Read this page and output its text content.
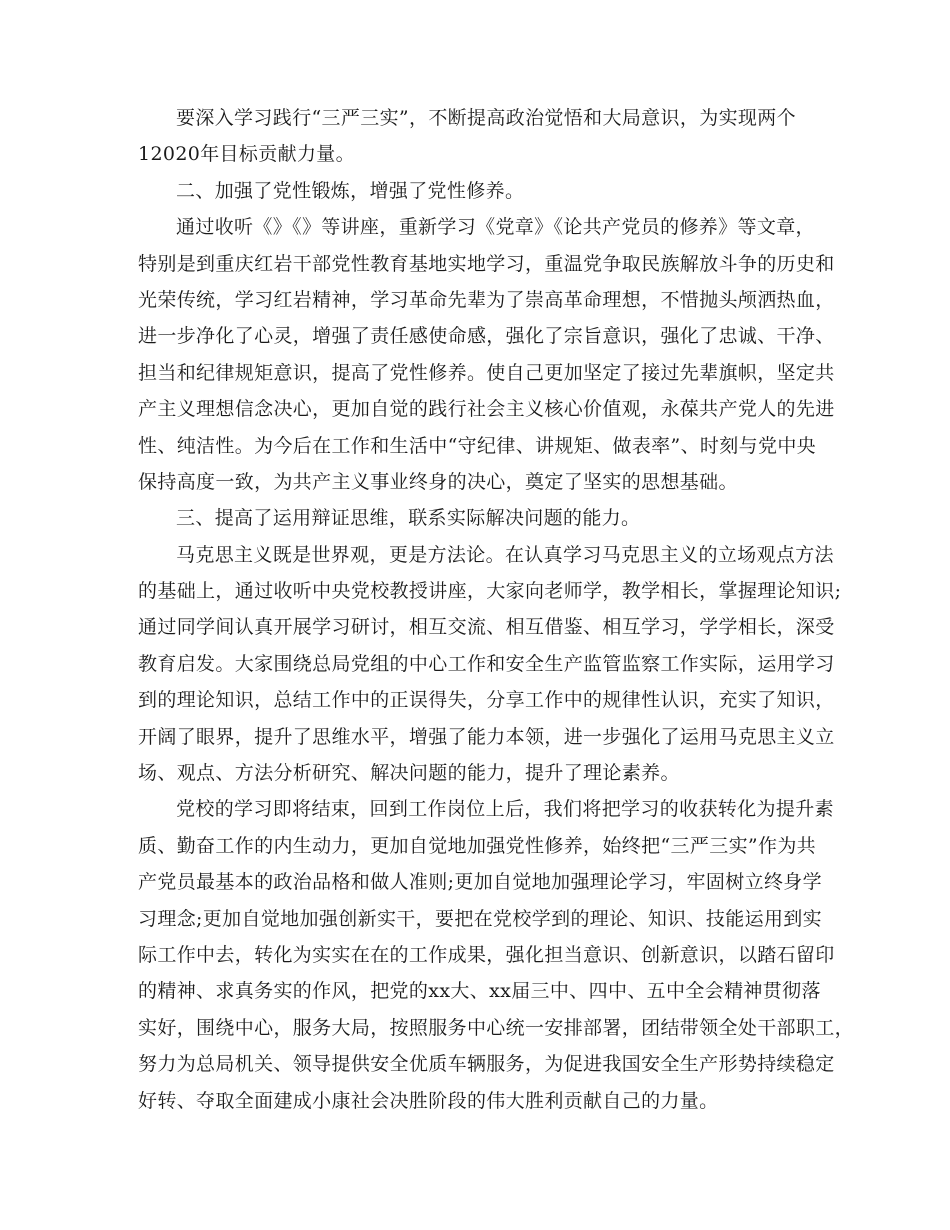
要深入学习践行“三严三实”，不断提高政治觉悟和大局意识，为实现两个
12020年目标贡献力量。
二、加强了党性锻炼，增强了党性修养。
通过收听《》《》等讲座，重新学习《党章》《论共产党员的修养》等文章，
特别是到重庆红岩干部党性教育基地实地学习，重温党争取民族解放斗争的历史和
光荣传统，学习红岩精神，学习革命先辈为了崇高革命理想，不惜抛头颅洒热血，
进一步净化了心灵，增强了责任感使命感，强化了宗旨意识，强化了忠诚、干净、
担当和纪律规矩意识，提高了党性修养。使自己更加坚定了接过先辈旗帜，坚定共
产主义理想信念决心，更加自觉的践行社会主义核心价值观，永葆共产党人的先进
性、纯洁性。为今后在工作和生活中“守纪律、讲规矩、做表率”、时刻与党中央
保持高度一致，为共产主义事业终身的决心，奠定了坚实的思想基础。
三、提高了运用辩证思维，联系实际解决问题的能力。
马克思主义既是世界观，更是方法论。在认真学习马克思主义的立场观点方法
的基础上，通过收听中央党校教授讲座，大家向老师学，教学相长，掌握理论知识;
通过同学间认真开展学习研讨，相互交流、相互借鉴、相互学习，学学相长，深受
教育启发。大家围绕总局党组的中心工作和安全生产监管监察工作实际，运用学习
到的理论知识，总结工作中的正误得失，分享工作中的规律性认识，充实了知识，
开阔了眼界，提升了思维水平，增强了能力本领，进一步强化了运用马克思主义立
场、观点、方法分析研究、解决问题的能力，提升了理论素养。
党校的学习即将结束，回到工作岗位上后，我们将把学习的收获转化为提升素
质、勤奋工作的内生动力，更加自觉地加强党性修养，始终把“三严三实”作为共
产党员最基本的政治品格和做人准则;更加自觉地加强理论学习，牢固树立终身学
习理念;更加自觉地加强创新实干，要把在党校学到的理论、知识、技能运用到实
际工作中去，转化为实实在在的工作成果，强化担当意识、创新意识，以踏石留印
的精神、求真务实的作风，把党的xx大、xx届三中、四中、五中全会精神贯彻落
实好，围绕中心，服务大局，按照服务中心统一安排部署，团结带领全处干部职工，
努力为总局机关、领导提供安全优质车辆服务，为促进我国安全生产形势持续稳定
好转、夺取全面建成小康社会决胜阶段的伟大胜利贡献自己的力量。
